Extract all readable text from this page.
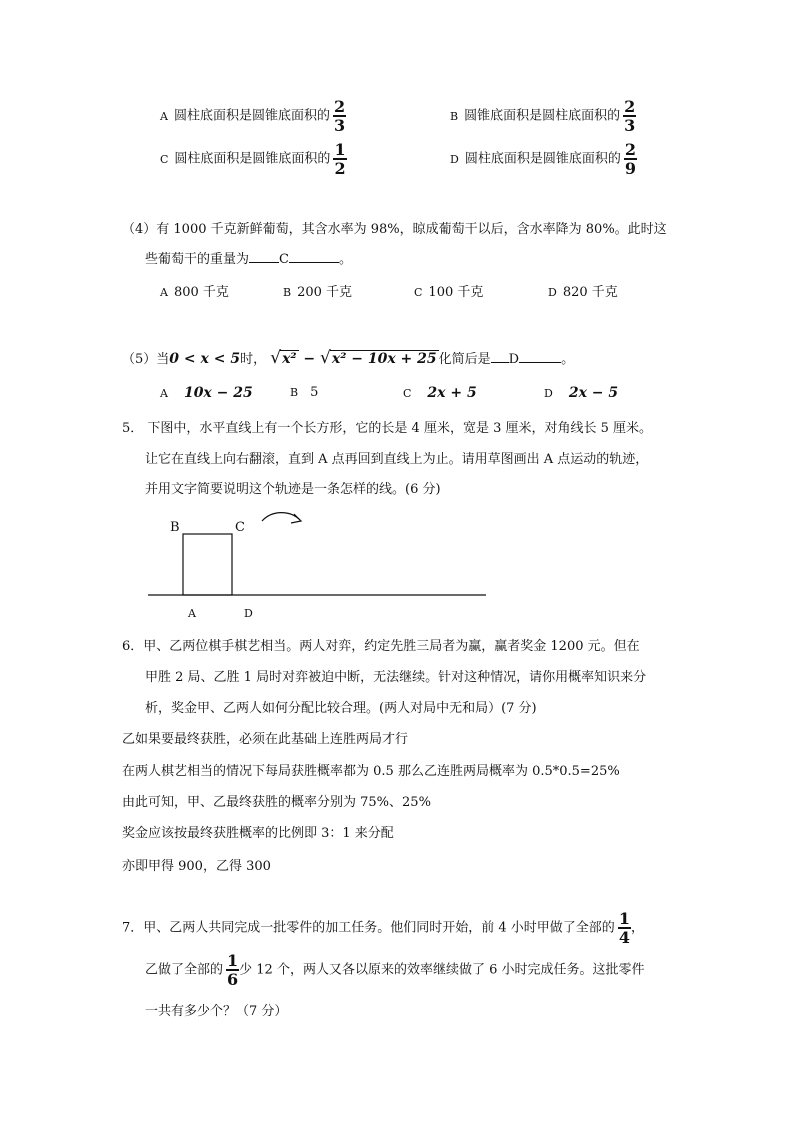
A 圆柱底面积是圆锥底面积的 $\frac{2}{3}$	B 圆锥底面积是圆柱底面积的 $\frac{2}{3}$
C 圆柱底面积是圆锥底面积的 $\frac{1}{2}$	D 圆柱底面积是圆锥底面积的 $\frac{2}{9}$
（4）有 1000 千克新鲜葡萄，其含水率为 98%，晾成葡萄干以后，含水率降为 80%。此时这
些葡萄干的重量为 C	。
A 800 千克	B 200 千克	C 100 千克	D 820 千克
（5）当0 < x < 5时， √x² − √x² − 10x + 25 化简后是 D	。
A 10x − 25	B 5	C 2x + 5	D 2x − 5
5． 下图中，水平直线上有一个长方形，它的长是 4 厘米，宽是 3 厘米，对角线长 5 厘米。
让它在直线上向右翻滚，直到 A 点再回到直线上为止。请用草图画出 A 点运动的轨迹，
并用文字简要说明这个轨迹是一条怎样的线。(6 分)
B	C
A	D
6．甲、乙两位棋手棋艺相当。两人对弈，约定先胜三局者为赢，赢者奖金 1200 元。但在
甲胜 2 局、乙胜 1 局时对弈被迫中断，无法继续。针对这种情况，请你用概率知识来分
析，奖金甲、乙两人如何分配比较合理。(两人对局中无和局）(7 分)
乙如果要最终获胜，必须在此基础上连胜两局才行
在两人棋艺相当的情况下每局获胜概率都为 0.5 那么乙连胜两局概率为 0.5*0.5=25%
由此可知，甲、乙最终获胜的概率分别为 75%、25%
奖金应该按最终获胜概率的比例即 3：1 来分配
亦即甲得 900，乙得 300
7．甲、乙两人共同完成一批零件的加工任务。他们同时开始，前 4 小时甲做了全部的 $\frac{1}{4}$ ，
乙做了全部的 $\frac{1}{6}$ 少 12 个，两人又各以原来的效率继续做了 6 小时完成任务。这批零件
一共有多少个？（7 分）
